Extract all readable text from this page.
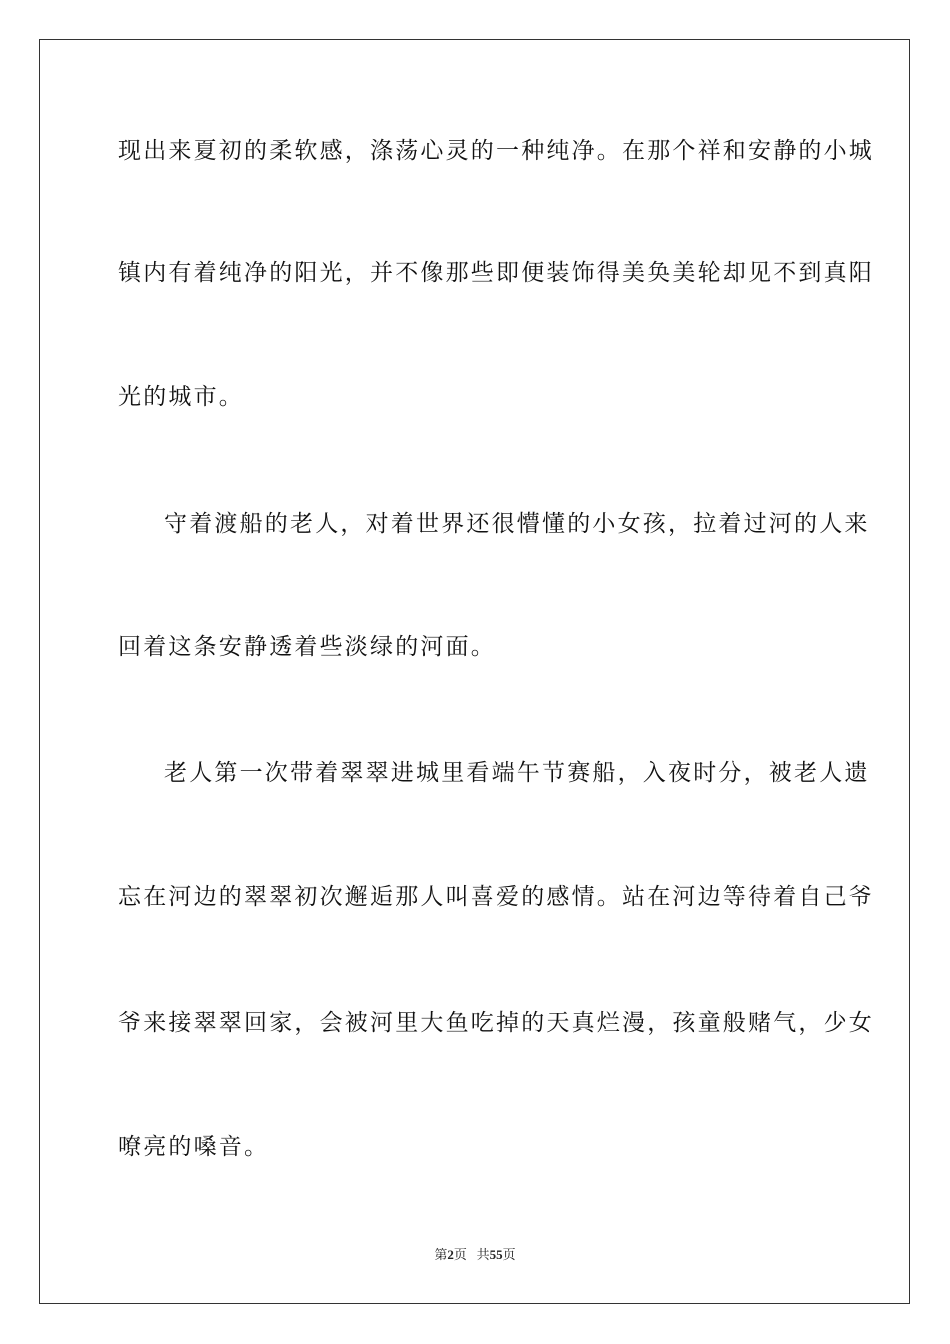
现出来夏初的柔软感，涤荡心灵的一种纯净。在那个祥和安静的小城
镇内有着纯净的阳光，并不像那些即便装饰得美奂美轮却见不到真阳
光的城市。
守着渡船的老人，对着世界还很懵懂的小女孩，拉着过河的人来
回着这条安静透着些淡绿的河面。
老人第一次带着翠翠进城里看端午节赛船，入夜时分，被老人遗
忘在河边的翠翠初次邂逅那人叫喜爱的感情。站在河边等待着自己爷
爷来接翠翠回家，会被河里大鱼吃掉的天真烂漫，孩童般赌气，少女
嘹亮的嗓音。
第2页 共55页
